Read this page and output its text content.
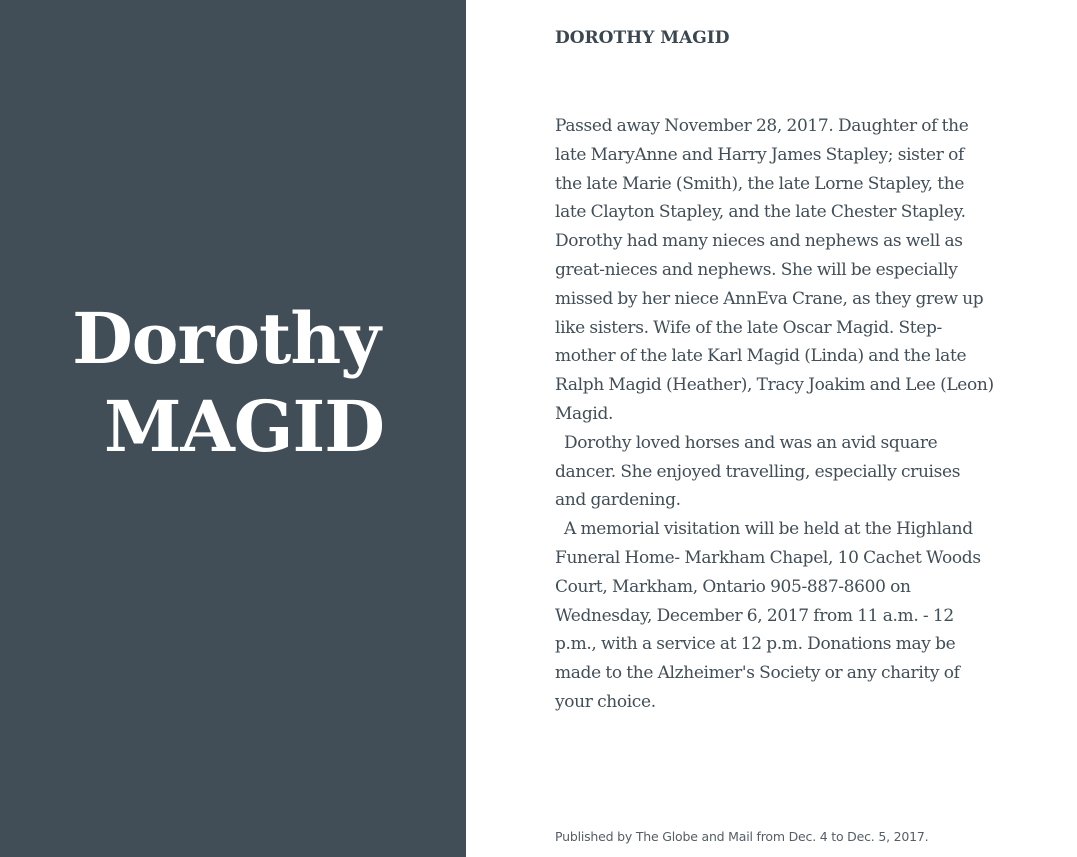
Dorothy
MAGID
DOROTHY MAGID

Passed away November 28, 2017. Daughter of the late MaryAnne and Harry James Stapley; sister of the late Marie (Smith), the late Lorne Stapley, the late Clayton Stapley, and the late Chester Stapley. Dorothy had many nieces and nephews as well as great-nieces and nephews. She will be especially missed by her niece AnnEva Crane, as they grew up like sisters. Wife of the late Oscar Magid. Step-mother of the late Karl Magid (Linda) and the late Ralph Magid (Heather), Tracy Joakim and Lee (Leon) Magid.

Dorothy loved horses and was an avid square dancer. She enjoyed travelling, especially cruises and gardening.

A memorial visitation will be held at the Highland Funeral Home- Markham Chapel, 10 Cachet Woods Court, Markham, Ontario 905-887-8600 on Wednesday, December 6, 2017 from 11 a.m. - 12 p.m., with a service at 12 p.m. Donations may be made to the Alzheimer's Society or any charity of your choice.

Published by The Globe and Mail from Dec. 4 to Dec. 5, 2017.
